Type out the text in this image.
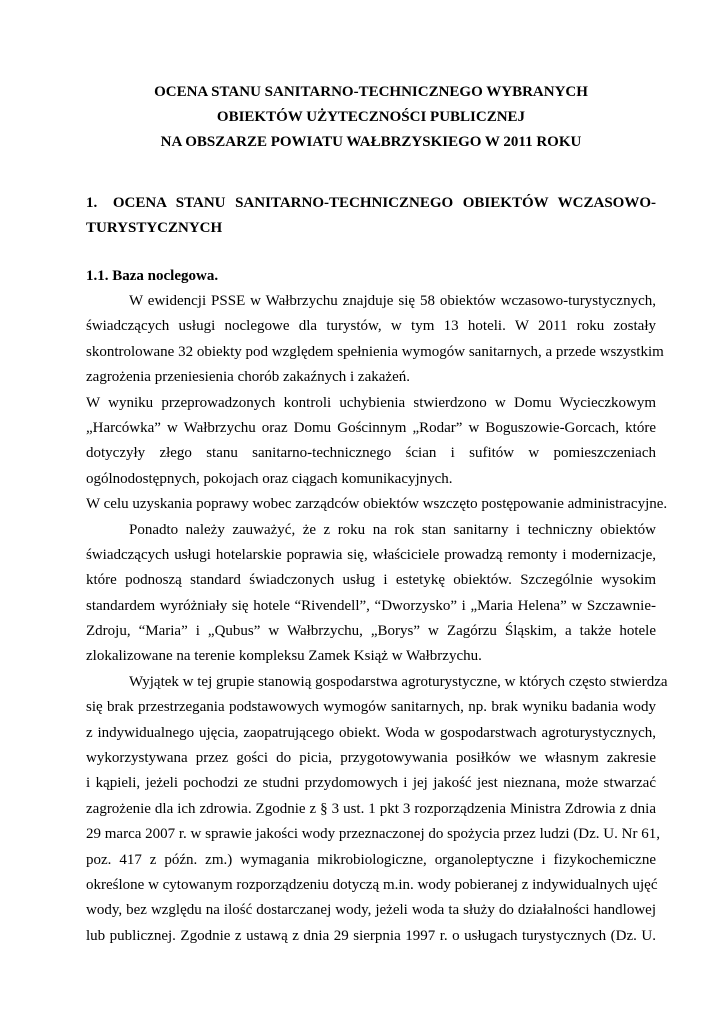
OCENA STANU SANITARNO-TECHNICZNEGO WYBRANYCH
OBIEKTÓW UŻYTECZNOŚCI PUBLICZNEJ
NA OBSZARZE POWIATU WAŁBRZYSKIEGO W 2011 ROKU
1. OCENA STANU SANITARNO-TECHNICZNEGO OBIEKTÓW WCZASOWO-
TURYSTYCZNYCH
1.1. Baza noclegowa.
W ewidencji PSSE w Wałbrzychu znajduje się 58 obiektów wczasowo-turystycznych,
świadczących usługi noclegowe dla turystów, w tym 13 hoteli. W 2011 roku zostały
skontrolowane 32 obiekty pod względem spełnienia wymogów sanitarnych, a przede wszystkim
zagrożenia przeniesienia chorób zakaźnych i zakażeń.
W wyniku przeprowadzonych kontroli uchybienia stwierdzono w Domu Wycieczkowym
„Harcówka” w Wałbrzychu oraz Domu Gościnnym „Rodar” w Boguszowie-Gorcach, które
dotyczyły złego stanu sanitarno-technicznego ścian i sufitów w pomieszczeniach
ogólnodostępnych, pokojach oraz ciągach komunikacyjnych.
W celu uzyskania poprawy wobec zarządców obiektów wszczęto postępowanie administracyjne.
Ponadto należy zauważyć, że z roku na rok stan sanitarny i techniczny obiektów
świadczących usługi hotelarskie poprawia się, właściciele prowadzą remonty i modernizacje,
które podnoszą standard świadczonych usług i estetykę obiektów. Szczególnie wysokim
standardem wyróżniały się hotele “Rivendell”, “Dworzysko” i „Maria Helena” w Szczawnie-
Zdroju, “Maria” i „Qubus” w Wałbrzychu, „Borys” w Zagórzu Śląskim, a także hotele
zlokalizowane na terenie kompleksu Zamek Książ w Wałbrzychu.
Wyjątek w tej grupie stanowią gospodarstwa agroturystyczne, w których często stwierdza
się brak przestrzegania podstawowych wymogów sanitarnych, np. brak wyniku badania wody
z indywidualnego ujęcia, zaopatrującego obiekt. Woda w gospodarstwach agroturystycznych,
wykorzystywana przez gości do picia, przygotowywania posiłków we własnym zakresie
i kąpieli, jeżeli pochodzi ze studni przydomowych i jej jakość jest nieznana, może stwarzać
zagrożenie dla ich zdrowia. Zgodnie z § 3 ust. 1 pkt 3 rozporządzenia Ministra Zdrowia z dnia
29 marca 2007 r. w sprawie jakości wody przeznaczonej do spożycia przez ludzi (Dz. U. Nr 61,
poz. 417 z późn. zm.) wymagania mikrobiologiczne, organoleptyczne i fizykochemiczne
określone w cytowanym rozporządzeniu dotyczą m.in. wody pobieranej z indywidualnych ujęć
wody, bez względu na ilość dostarczanej wody, jeżeli woda ta służy do działalności handlowej
lub publicznej. Zgodnie z ustawą z dnia 29 sierpnia 1997 r. o usługach turystycznych (Dz. U.
